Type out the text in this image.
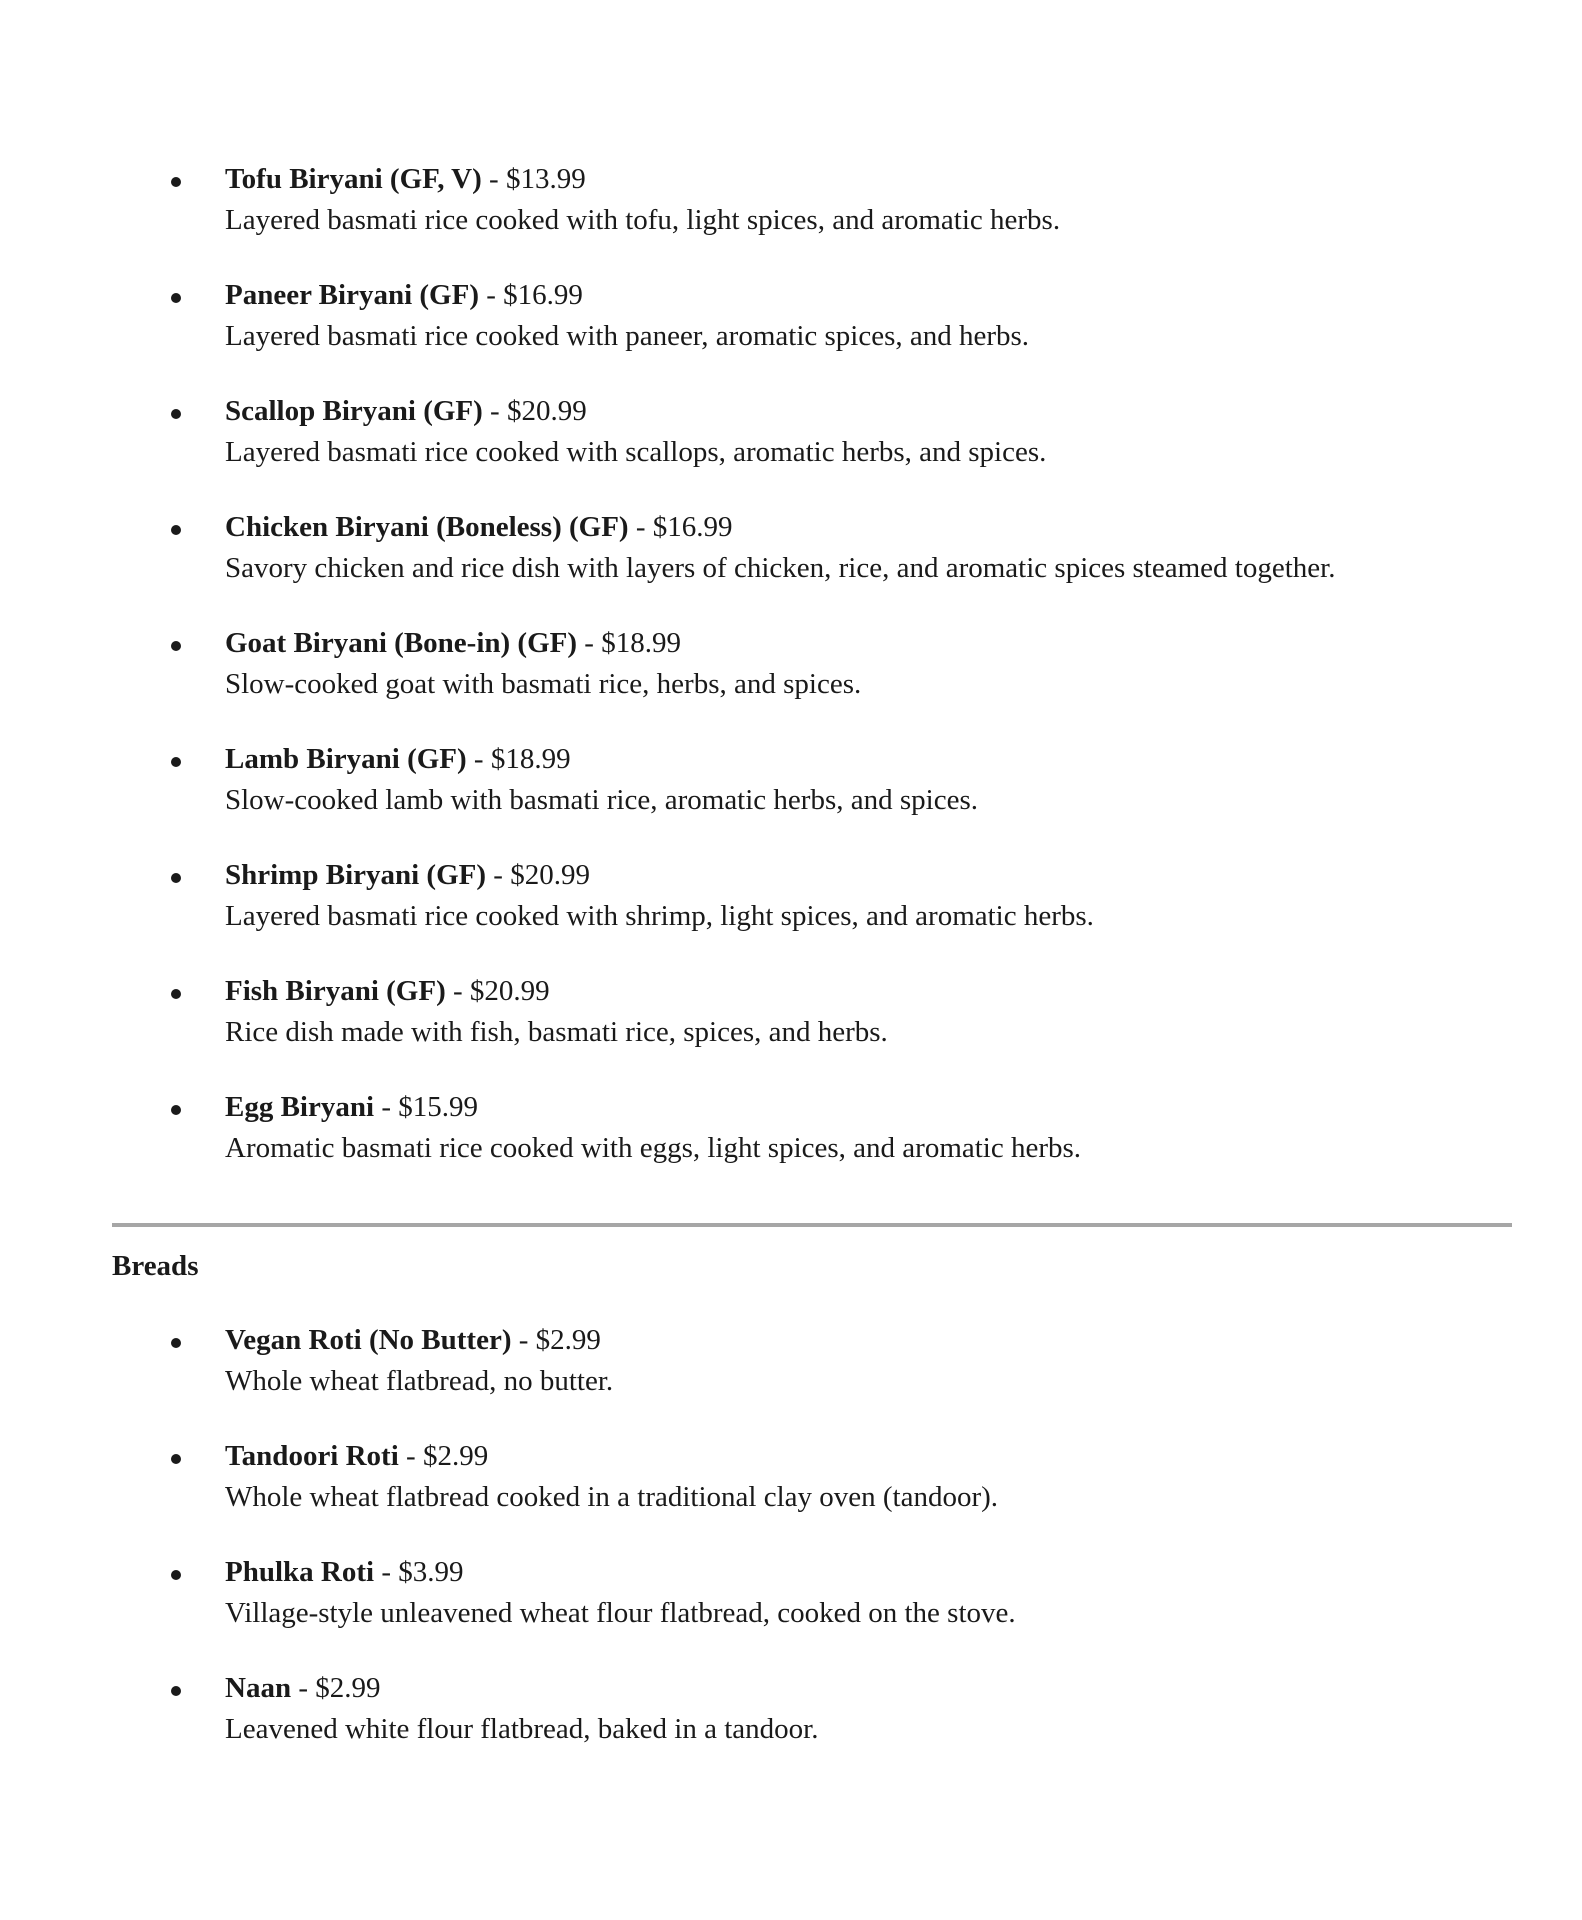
Tofu Biryani (GF, V) - $13.99
Layered basmati rice cooked with tofu, light spices, and aromatic herbs.
Paneer Biryani (GF) - $16.99
Layered basmati rice cooked with paneer, aromatic spices, and herbs.
Scallop Biryani (GF) - $20.99
Layered basmati rice cooked with scallops, aromatic herbs, and spices.
Chicken Biryani (Boneless) (GF) - $16.99
Savory chicken and rice dish with layers of chicken, rice, and aromatic spices steamed together.
Goat Biryani (Bone-in) (GF) - $18.99
Slow-cooked goat with basmati rice, herbs, and spices.
Lamb Biryani (GF) - $18.99
Slow-cooked lamb with basmati rice, aromatic herbs, and spices.
Shrimp Biryani (GF) - $20.99
Layered basmati rice cooked with shrimp, light spices, and aromatic herbs.
Fish Biryani (GF) - $20.99
Rice dish made with fish, basmati rice, spices, and herbs.
Egg Biryani - $15.99
Aromatic basmati rice cooked with eggs, light spices, and aromatic herbs.
Breads
Vegan Roti (No Butter) - $2.99
Whole wheat flatbread, no butter.
Tandoori Roti - $2.99
Whole wheat flatbread cooked in a traditional clay oven (tandoor).
Phulka Roti - $3.99
Village-style unleavened wheat flour flatbread, cooked on the stove.
Naan - $2.99
Leavened white flour flatbread, baked in a tandoor.
